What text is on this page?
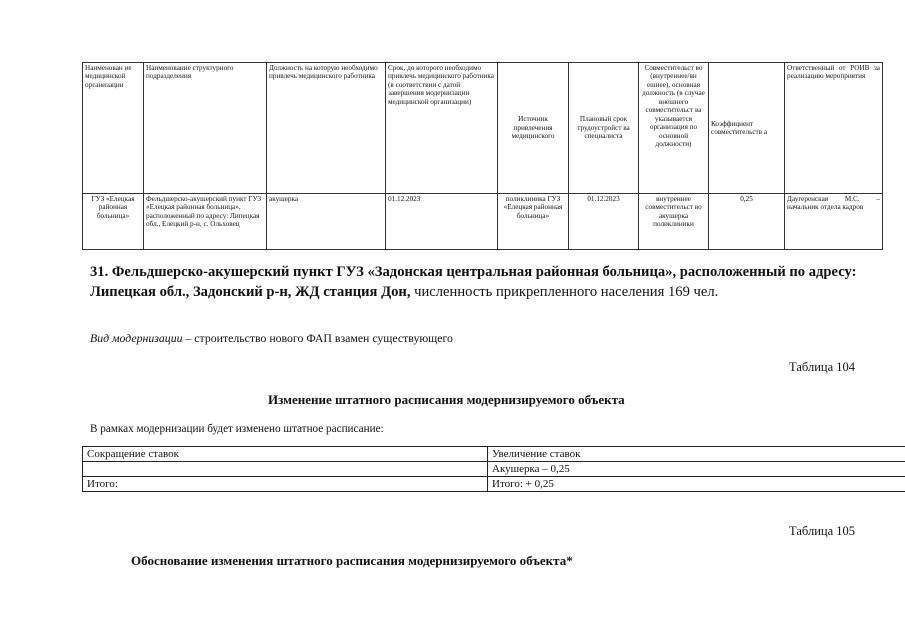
Наименован ие медицинской организации	Наименование структурного подразделения	Должность на которую необходимо привлечь медицинского работника	Срок, до которого необходимо привлечь медицинского работника (в соответствии с датой завершения модернизации медицинской организации)	Источник привлечения медицинского	Плановый срок трудоустройст ва специалиста	Совместительст во (внутреннее/вн ешнее), основная должность (в случае внешнего совместительст ва указывается организация по основной должности)	Коэффициент совместительств а	Ответственный от РОИВ за реализацию мероприятия
ГУЗ «Елецкая районная больница»	Фельдшерско-акушерский пункт ГУЗ «Елецкая районная больница», расположенный по адресу: Липецкая обл., Елецкий р-н, с. Ольховец	акушерка	01.12.2023	поликлиника ГУЗ «Елецкая районная больница»	01.12.2023	внутреннее совместительст во акушерка поликлиники	0,25	Даугеренская М.С. – начальник отдела кадров
31. Фельдшерско-акушерский пункт ГУЗ «Задонская центральная районная больница», расположенный по адресу: Липецкая обл., Задонский р-н, ЖД станция Дон, численность прикрепленного населения 169 чел.
Вид модернизации – строительство нового ФАП взамен существующего
Таблица 104
Изменение штатного расписания модернизируемого объекта
В рамках модернизации будет изменено штатное расписание:
Сокращение ставок	Увеличение ставок
	Акушерка – 0,25
Итого:	Итого: + 0,25
Таблица 105
Обоснование изменения штатного расписания модернизируемого объекта*
